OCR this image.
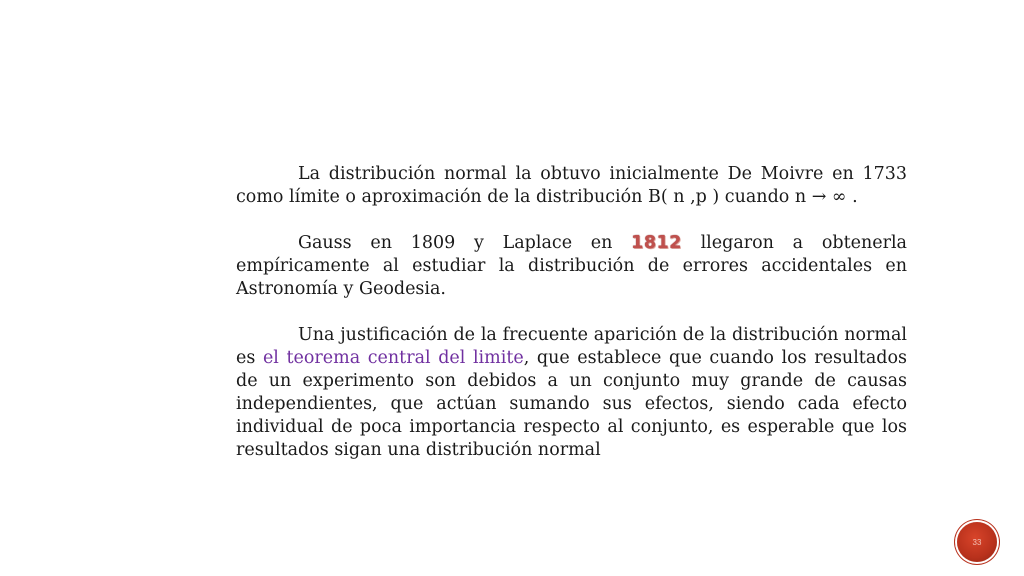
La distribución normal la obtuvo inicialmente De Moivre en 1733 como límite o aproximación de la distribución B( n ,p ) cuando n → ∞ .

Gauss en 1809 y Laplace en 1812 llegaron a obtenerla empíricamente al estudiar la distribución de errores accidentales en Astronomía y Geodesia.

Una justificación de la frecuente aparición de la distribución normal es el teorema central del limite, que establece que cuando los resultados de un experimento son debidos a un conjunto muy grande de causas independientes, que actúan sumando sus efectos, siendo cada efecto individual de poca importancia respecto al conjunto, es esperable que los resultados sigan una distribución normal

33
